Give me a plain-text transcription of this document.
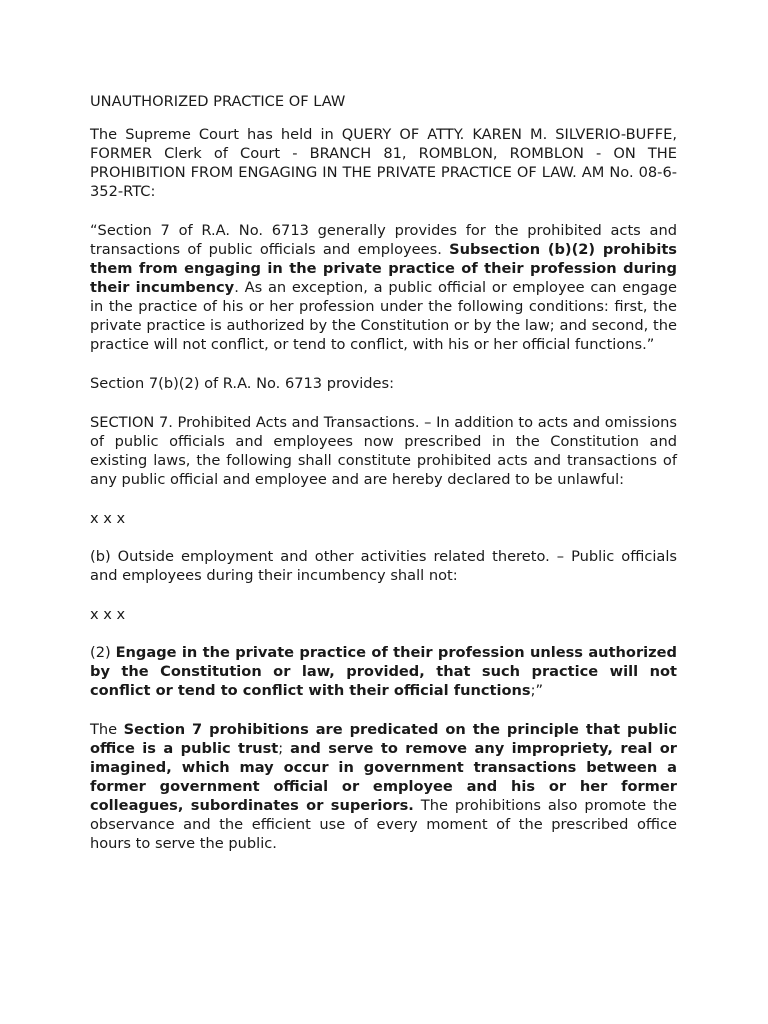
UNAUTHORIZED PRACTICE OF LAW

The Supreme Court has held in QUERY OF ATTY. KAREN M. SILVERIO-BUFFE, FORMER Clerk of Court - BRANCH 81, ROMBLON, ROMBLON - ON THE PROHIBITION FROM ENGAGING IN THE PRIVATE PRACTICE OF LAW. AM No. 08-6-352-RTC:

“Section 7 of R.A. No. 6713 generally provides for the prohibited acts and transactions of public officials and employees. Subsection (b)(2) prohibits them from engaging in the private practice of their profession during their incumbency. As an exception, a public official or employee can engage in the practice of his or her profession under the following conditions: first, the private practice is authorized by the Constitution or by the law; and second, the practice will not conflict, or tend to conflict, with his or her official functions.”

Section 7(b)(2) of R.A. No. 6713 provides:

SECTION 7. Prohibited Acts and Transactions. – In addition to acts and omissions of public officials and employees now prescribed in the Constitution and existing laws, the following shall constitute prohibited acts and transactions of any public official and employee and are hereby declared to be unlawful:

x x x

(b) Outside employment and other activities related thereto. – Public officials and employees during their incumbency shall not:

x x x

(2) Engage in the private practice of their profession unless authorized by the Constitution or law, provided, that such practice will not conflict or tend to conflict with their official functions;”

The Section 7 prohibitions are predicated on the principle that public office is a public trust; and serve to remove any impropriety, real or imagined, which may occur in government transactions between a former government official or employee and his or her former colleagues, subordinates or superiors. The prohibitions also promote the observance and the efficient use of every moment of the prescribed office hours to serve the public.
